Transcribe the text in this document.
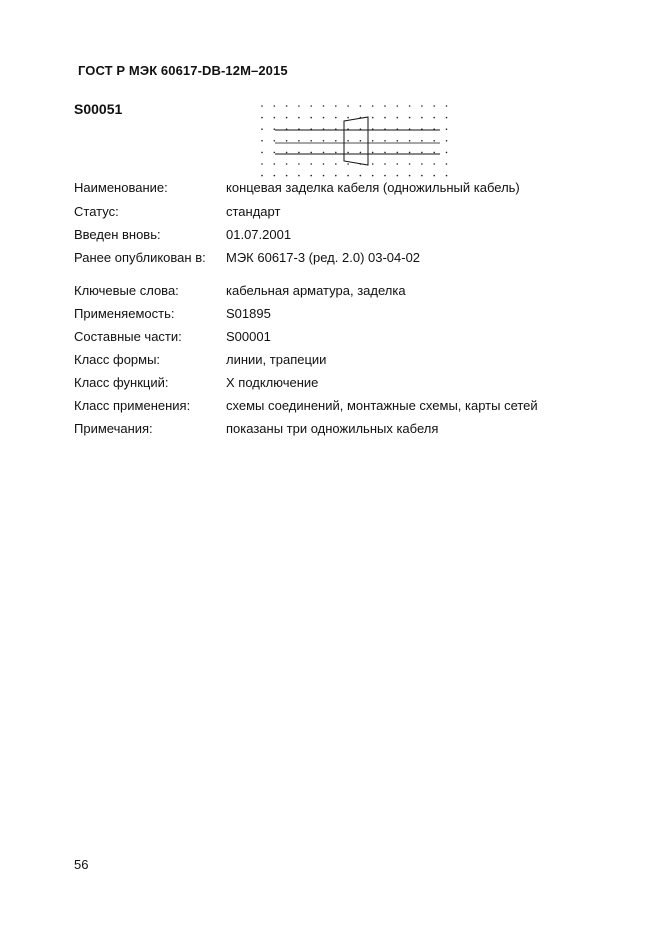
ГОСТ Р МЭК 60617-DB-12M–2015
S00051
Наименование:	концевая заделка кабеля (одножильный кабель)
Статус:	стандарт
Введен вновь:	01.07.2001
Ранее опубликован в: МЭК 60617-3 (ред. 2.0) 03-04-02
Ключевые слова:	кабельная арматура, заделка
Применяемость:	S01895
Составные части:	S00001
Класс формы:	линии, трапеции
Класс функций:	X подключение
Класс применения:	схемы соединений, монтажные схемы, карты сетей
Примечания:	показаны три одножильных кабеля
56
